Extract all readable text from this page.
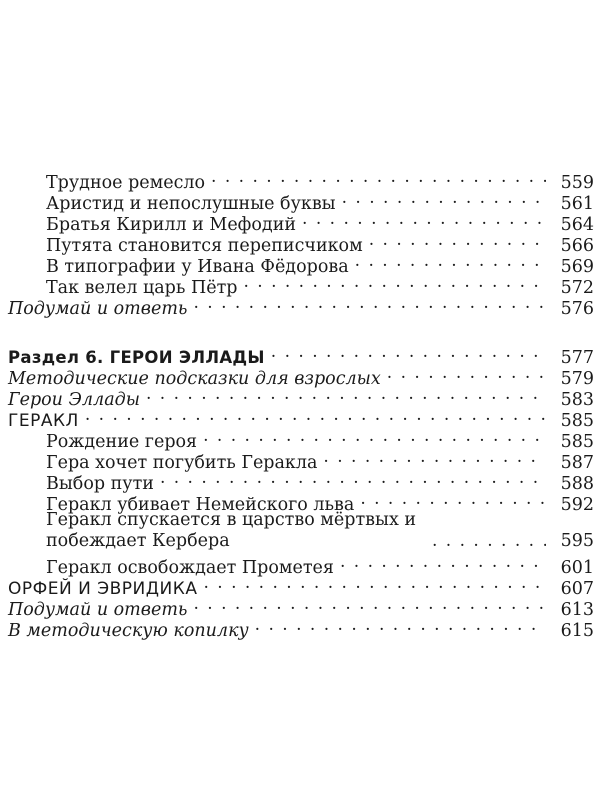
Трудное ремесло . . .	559
Аристид и непослушные буквы . . .	561
Братья Кирилл и Мефодий . . .	564
Путята становится переписчиком . . .	566
В типографии у Ивана Фёдорова . . .	569
Так велел царь Пётр . . .	572
Подумай и ответь . . .	576
Раздел 6. ГЕРОИ ЭЛЛАДЫ . . .	577
Методические подсказки для взрослых . . .	579
Герои Эллады . . .	583
ГЕРАКЛ . . .	585
Рождение героя . . .	585
Гера хочет погубить Геракла . . .	587
Выбор пути . . .	588
Геракл убивает Немейского льва . . .	592
Геракл спускается в царство мёртвых и побеждает Кербера . . .	595
Геракл освобождает Прометея . . .	601
ОРФЕЙ И ЭВРИДИКА . . .	607
Подумай и ответь . . .	613
В методическую копилку . . .	615
